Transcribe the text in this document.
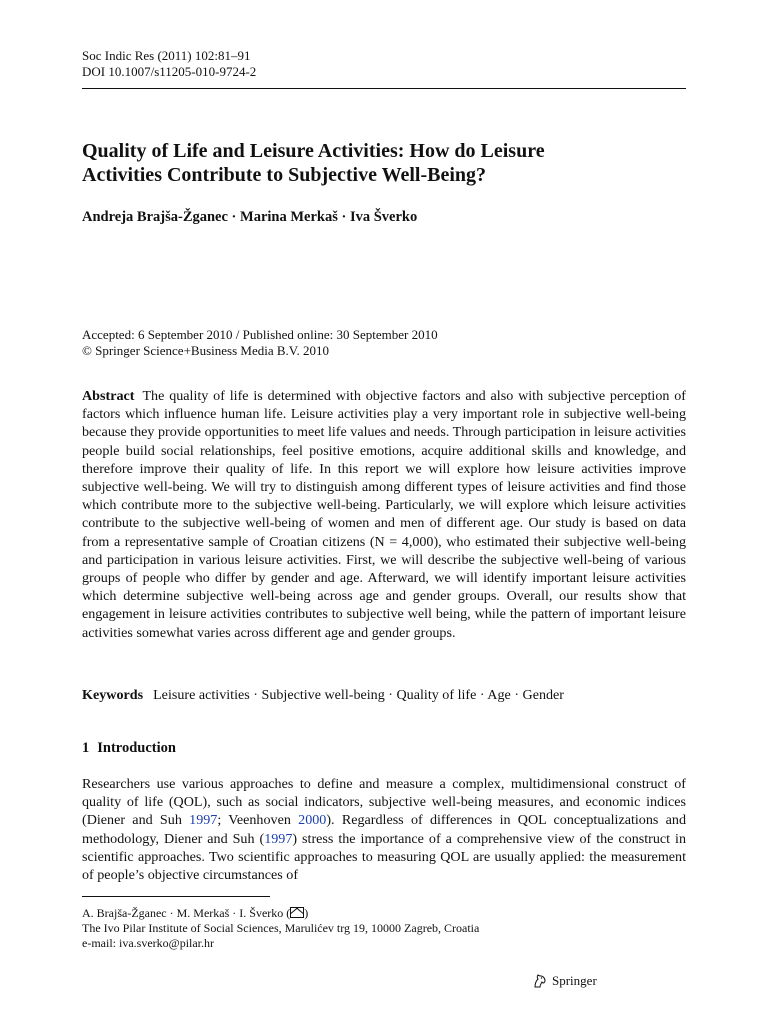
Soc Indic Res (2011) 102:81–91
DOI 10.1007/s11205-010-9724-2
Quality of Life and Leisure Activities: How do Leisure
Activities Contribute to Subjective Well-Being?
Andreja Brajša-Žganec · Marina Merkaš · Iva Šverko
Accepted: 6 September 2010 / Published online: 30 September 2010
© Springer Science+Business Media B.V. 2010
Abstract The quality of life is determined with objective factors and also with subjective perception of factors which influence human life. Leisure activities play a very important role in subjective well-being because they provide opportunities to meet life values and needs. Through participation in leisure activities people build social relationships, feel positive emotions, acquire additional skills and knowledge, and therefore improve their quality of life. In this report we will explore how leisure activities improve subjective well-being. We will try to distinguish among different types of leisure activities and find those which contribute more to the subjective well-being. Particularly, we will explore which leisure activities contribute to the subjective well-being of women and men of different age. Our study is based on data from a representative sample of Croatian citizens (N = 4,000), who estimated their subjective well-being and participation in various leisure activities. First, we will describe the subjective well-being of various groups of people who differ by gender and age. Afterward, we will identify important leisure activities which determine subjective well-being across age and gender groups. Overall, our results show that engagement in leisure activities contributes to subjective well being, while the pattern of important leisure activities somewhat varies across different age and gender groups.
Keywords Leisure activities · Subjective well-being · Quality of life · Age · Gender
1 Introduction
Researchers use various approaches to define and measure a complex, multidimensional construct of quality of life (QOL), such as social indicators, subjective well-being measures, and economic indices (Diener and Suh 1997; Veenhoven 2000). Regardless of differences in QOL conceptualizations and methodology, Diener and Suh (1997) stress the importance of a comprehensive view of the construct in scientific approaches. Two scientific approaches to measuring QOL are usually applied: the measurement of people’s objective circumstances of
A. Brajša-Žganec · M. Merkaš · I. Šverko ( )
The Ivo Pilar Institute of Social Sciences, Marulićev trg 19, 10000 Zagreb, Croatia
e-mail: iva.sverko@pilar.hr
Springer
